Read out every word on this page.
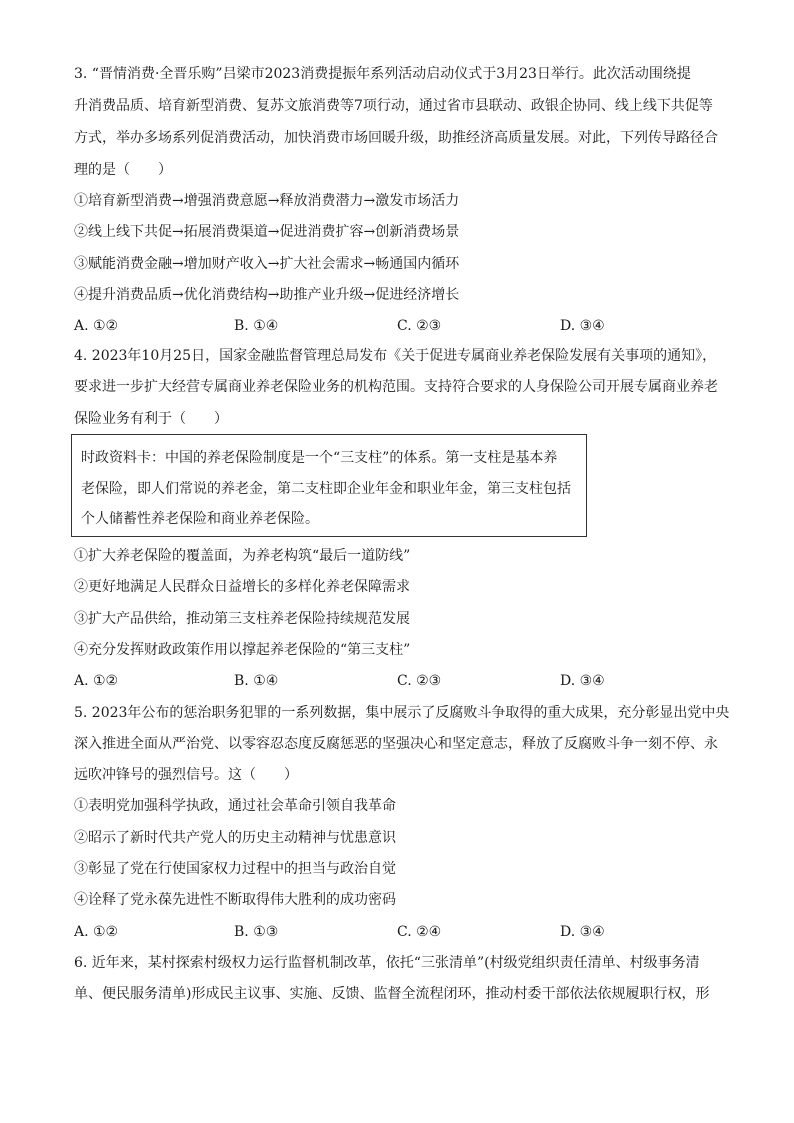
3. “晋情消费·全晋乐购”吕梁市2023消费提振年系列活动启动仪式于3月23日举行。此次活动围绕提
升消费品质、培育新型消费、复苏文旅消费等7项行动，通过省市县联动、政银企协同、线上线下共促等
方式，举办多场系列促消费活动，加快消费市场回暖升级，助推经济高质量发展。对此，下列传导路径合
理的是（　　）
①培育新型消费→增强消费意愿→释放消费潜力→激发市场活力
②线上线下共促→拓展消费渠道→促进消费扩容→创新消费场景
③赋能消费金融→增加财产收入→扩大社会需求→畅通国内循环
④提升消费品质→优化消费结构→助推产业升级→促进经济增长
A. ①②	B. ①④	C. ②③	D. ③④
4. 2023年10月25日，国家金融监督管理总局发布《关于促进专属商业养老保险发展有关事项的通知》，
要求进一步扩大经营专属商业养老保险业务的机构范围。支持符合要求的人身保险公司开展专属商业养老
保险业务有利于（　　）
时政资料卡：中国的养老保险制度是一个“三支柱”的体系。第一支柱是基本养
老保险，即人们常说的养老金，第二支柱即企业年金和职业年金，第三支柱包括
个人储蓄性养老保险和商业养老保险。
①扩大养老保险的覆盖面，为养老构筑“最后一道防线”
②更好地满足人民群众日益增长的多样化养老保障需求
③扩大产品供给，推动第三支柱养老保险持续规范发展
④充分发挥财政政策作用以撑起养老保险的“第三支柱”
A. ①②	B. ①④	C. ②③	D. ③④
5. 2023年公布的惩治职务犯罪的一系列数据，集中展示了反腐败斗争取得的重大成果，充分彰显出党中央
深入推进全面从严治党、以零容忍态度反腐惩恶的坚强决心和坚定意志，释放了反腐败斗争一刻不停、永
远吹冲锋号的强烈信号。这（　　）
①表明党加强科学执政，通过社会革命引领自我革命
②昭示了新时代共产党人的历史主动精神与忧患意识
③彰显了党在行使国家权力过程中的担当与政治自觉
④诠释了党永葆先进性不断取得伟大胜利的成功密码
A. ①②	B. ①③	C. ②④	D. ③④
6. 近年来，某村探索村级权力运行监督机制改革，依托“三张清单”(村级党组织责任清单、村级事务清
单、便民服务清单)形成民主议事、实施、反馈、监督全流程闭环，推动村委干部依法依规履职行权，形
